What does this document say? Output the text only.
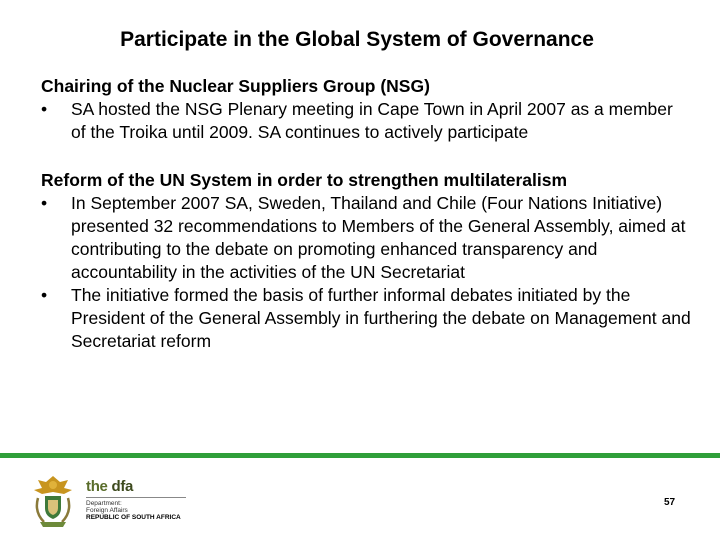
Participate in the Global System of Governance

Chairing of the Nuclear Suppliers Group (NSG)

• SA hosted the NSG Plenary meeting in Cape Town in April 2007 as a member of the Troika until 2009. SA continues to actively participate

Reform of the UN System in order to strengthen multilateralism

• In September 2007 SA, Sweden, Thailand and Chile (Four Nations Initiative) presented 32 recommendations to Members of the General Assembly, aimed at contributing to the debate on promoting enhanced transparency and accountability in the activities of the UN Secretariat
• The initiative formed the basis of further informal debates initiated by the President of the General Assembly in furthering the debate on Management and Secretariat reform
the dfa
Department:
Foreign Affairs
REPUBLIC OF SOUTH AFRICA
57
